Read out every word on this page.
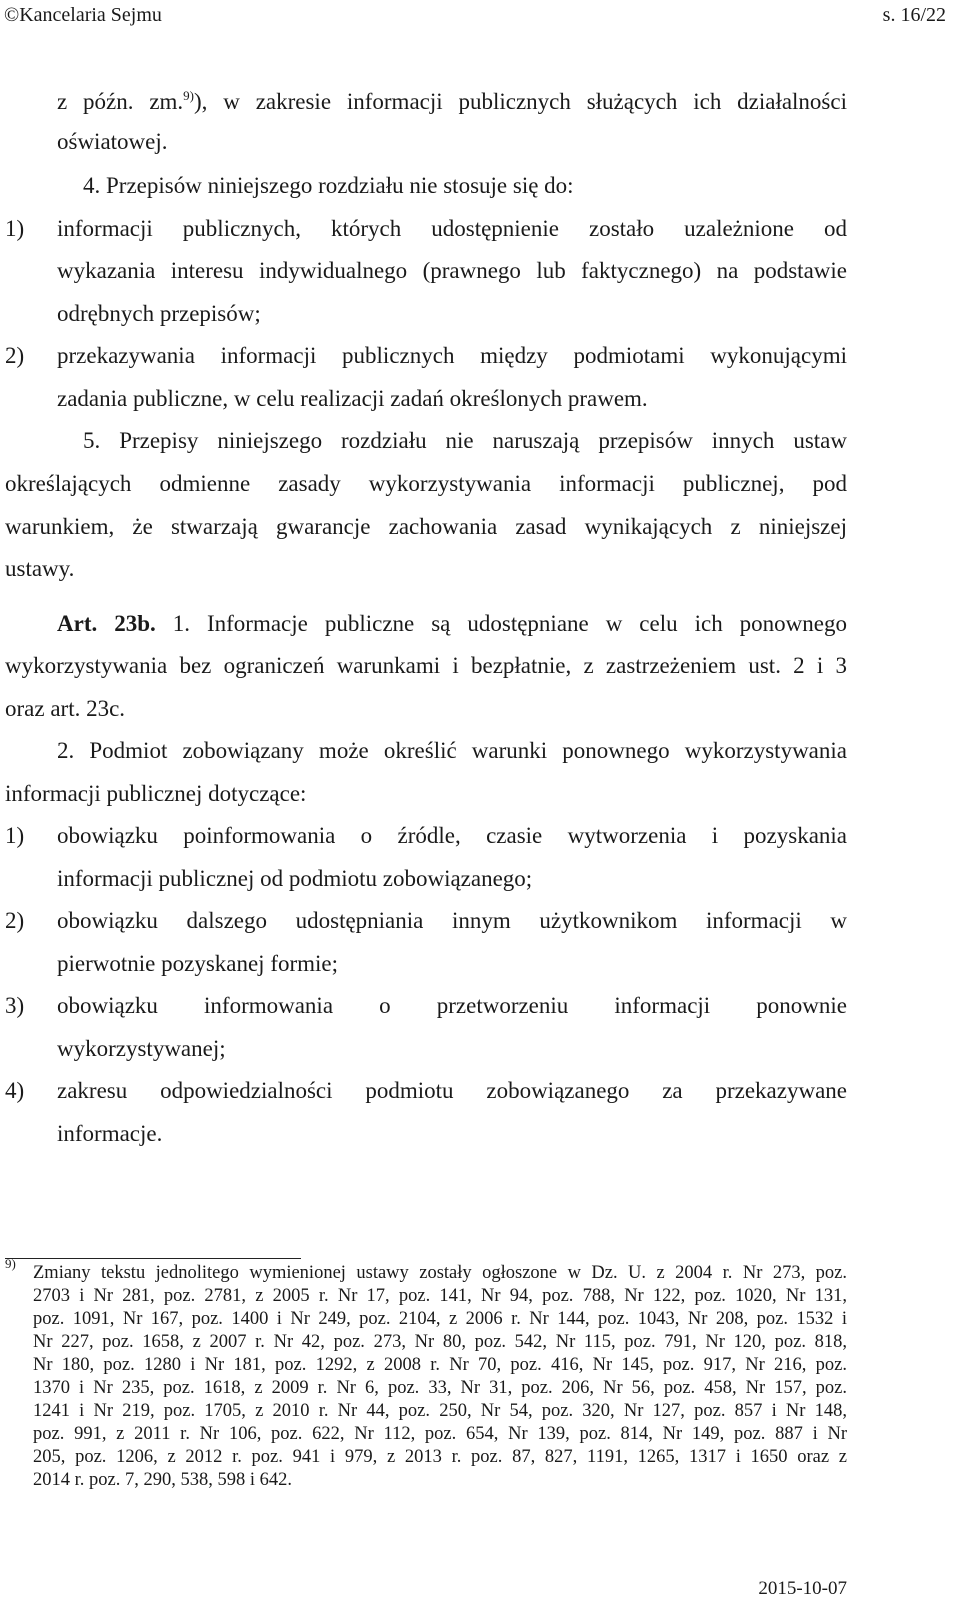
©Kancelaria Sejmu	s. 16/22
z późn. zm.$^{9)}$), w zakresie informacji publicznych służących ich działalności
oświatowej.
4. Przepisów niniejszego rozdziału nie stosuje się do:
1) informacji publicznych, których udostępnienie zostało uzależnione od
wykazania interesu indywidualnego (prawnego lub faktycznego) na podstawie
odrębnych przepisów;
2) przekazywania informacji publicznych między podmiotami wykonującymi
zadania publiczne, w celu realizacji zadań określonych prawem.
5. Przepisy niniejszego rozdziału nie naruszają przepisów innych ustaw
określających odmienne zasady wykorzystywania informacji publicznej, pod
warunkiem, że stwarzają gwarancje zachowania zasad wynikających z niniejszej
ustawy.
Art. 23b. 1. Informacje publiczne są udostępniane w celu ich ponownego
wykorzystywania bez ograniczeń warunkami i bezpłatnie, z zastrzeżeniem ust. 2 i 3
oraz art. 23c.
2. Podmiot zobowiązany może określić warunki ponownego wykorzystywania
informacji publicznej dotyczące:
1) obowiązku poinformowania o źródle, czasie wytworzenia i pozyskania
informacji publicznej od podmiotu zobowiązanego;
2) obowiązku dalszego udostępniania innym użytkownikom informacji w
pierwotnie pozyskanej formie;
3) obowiązku informowania o przetworzeniu informacji ponownie
wykorzystywanej;
4) zakresu odpowiedzialności podmiotu zobowiązanego za przekazywane
informacje.
9) Zmiany tekstu jednolitego wymienionej ustawy zostały ogłoszone w Dz. U. z 2004 r. Nr 273, poz.
2703 i Nr 281, poz. 2781, z 2005 r. Nr 17, poz. 141, Nr 94, poz. 788, Nr 122, poz. 1020, Nr 131,
poz. 1091, Nr 167, poz. 1400 i Nr 249, poz. 2104, z 2006 r. Nr 144, poz. 1043, Nr 208, poz. 1532 i
Nr 227, poz. 1658, z 2007 r. Nr 42, poz. 273, Nr 80, poz. 542, Nr 115, poz. 791, Nr 120, poz. 818,
Nr 180, poz. 1280 i Nr 181, poz. 1292, z 2008 r. Nr 70, poz. 416, Nr 145, poz. 917, Nr 216, poz.
1370 i Nr 235, poz. 1618, z 2009 r. Nr 6, poz. 33, Nr 31, poz. 206, Nr 56, poz. 458, Nr 157, poz.
1241 i Nr 219, poz. 1705, z 2010 r. Nr 44, poz. 250, Nr 54, poz. 320, Nr 127, poz. 857 i Nr 148,
poz. 991, z 2011 r. Nr 106, poz. 622, Nr 112, poz. 654, Nr 139, poz. 814, Nr 149, poz. 887 i Nr
205, poz. 1206, z 2012 r. poz. 941 i 979, z 2013 r. poz. 87, 827, 1191, 1265, 1317 i 1650 oraz z
2014 r. poz. 7, 290, 538, 598 i 642.
2015-10-07
